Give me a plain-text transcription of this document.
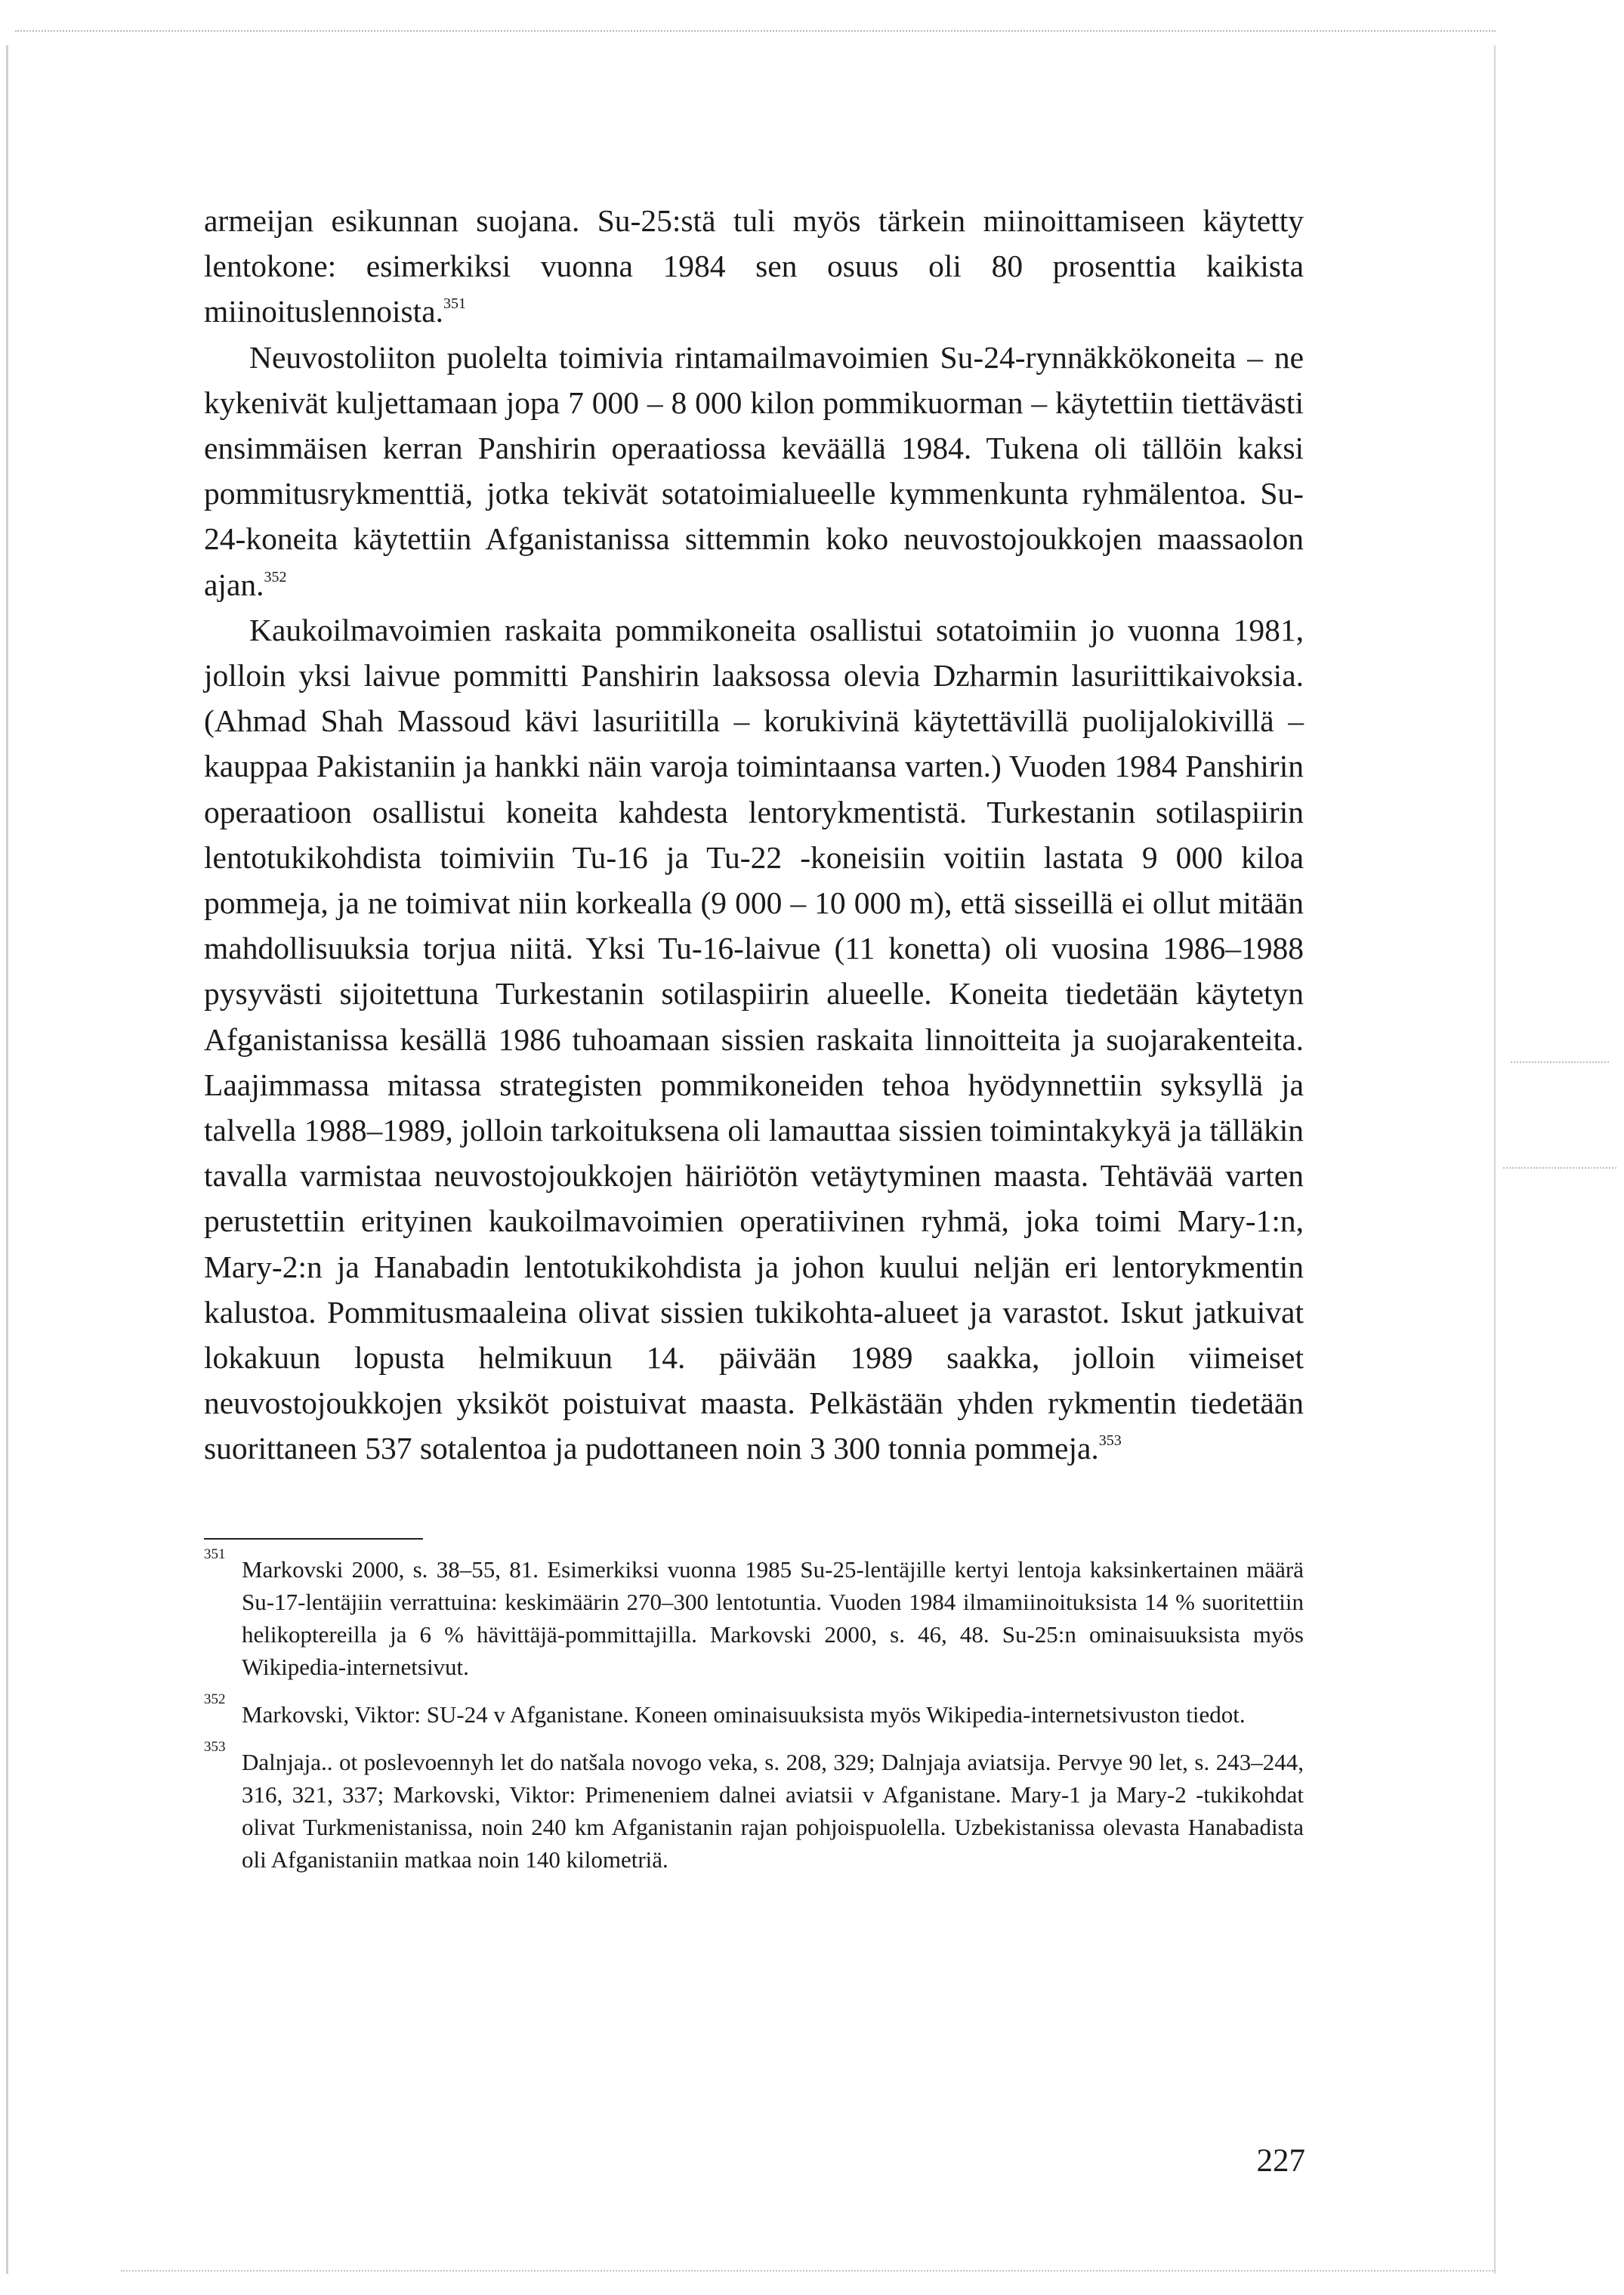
armeijan esikunnan suojana. Su-25:stä tuli myös tärkein miinoittamiseen käytetty lentokone: esimerkiksi vuonna 1984 sen osuus oli 80 prosenttia kaikista miinoituslennoista.$^{351}$

Neuvostoliiton puolelta toimivia rintamailmavoimien Su-24-rynnäkkökoneita – ne kykenivät kuljettamaan jopa 7 000 – 8 000 kilon pommikuorman – käytettiin tiettävästi ensimmäisen kerran Panshirin operaatiossa keväällä 1984. Tukena oli tällöin kaksi pommitusrykmenttiä, jotka tekivät sotatoimialueelle kymmenkunta ryhmälentoa. Su-24-koneita käytettiin Afganistanissa sittemmin koko neuvostojoukkojen maassaolon ajan.$^{352}$

Kaukoilmavoimien raskaita pommikoneita osallistui sotatoimiin jo vuonna 1981, jolloin yksi laivue pommitti Panshirin laaksossa olevia Dzharmin lasuriittikaivoksia. (Ahmad Shah Massoud kävi lasuriitilla – korukivinä käytettävillä puolijalokivillä – kauppaa Pakistaniin ja hankki näin varoja toimintaansa varten.) Vuoden 1984 Panshirin operaatioon osallistui koneita kahdesta lentorykmentistä. Turkestanin sotilaspiirin lentotukikohdista toimiviin Tu-16 ja Tu-22 -koneisiin voitiin lastata 9 000 kiloa pommeja, ja ne toimivat niin korkealla (9 000 – 10 000 m), että sisseillä ei ollut mitään mahdollisuuksia torjua niitä. Yksi Tu-16-laivue (11 konetta) oli vuosina 1986–1988 pysyvästi sijoitettuna Turkestanin sotilaspiirin alueelle. Koneita tiedetään käytetyn Afganistanissa kesällä 1986 tuhoamaan sissien raskaita linnoitteita ja suojarakenteita. Laajimmassa mitassa strategisten pommikoneiden tehoa hyödynnettiin syksyllä ja talvella 1988–1989, jolloin tarkoituksena oli lamauttaa sissien toimintakykyä ja tälläkin tavalla varmistaa neuvostojoukkojen häiriötön vetäytyminen maasta. Tehtävää varten perustettiin erityinen kaukoilmavoimien operatiivinen ryhmä, joka toimi Mary-1:n, Mary-2:n ja Hanabadin lentotukikohdista ja johon kuului neljän eri lentorykmentin kalustoa. Pommitusmaaleina olivat sissien tukikohta-alueet ja varastot. Iskut jatkuivat lokakuun lopusta helmikuun 14. päivään 1989 saakka, jolloin viimeiset neuvostojoukkojen yksiköt poistuivat maasta. Pelkästään yhden rykmentin tiedetään suorittaneen 537 sotalentoa ja pudottaneen noin 3 300 tonnia pommeja.$^{353}$

351
Markovski 2000, s. 38–55, 81. Esimerkiksi vuonna 1985 Su-25-lentäjille kertyi lentoja kaksinkertainen määrä Su-17-lentäjiin verrattuina: keskimäärin 270–300 lentotuntia. Vuoden 1984 ilmamiinoituksista 14 % suoritettiin helikoptereilla ja 6 % hävittäjä-pommittajilla. Markovski 2000, s. 46, 48. Su-25:n ominaisuuksista myös Wikipedia-internetsivut.

352
Markovski, Viktor: SU-24 v Afganistane. Koneen ominaisuuksista myös Wikipedia-internetsivuston tiedot.

353
Dalnjaja.. ot poslevoennyh let do natšala novogo veka, s. 208, 329; Dalnjaja aviatsija. Pervye 90 let, s. 243–244, 316, 321, 337; Markovski, Viktor: Primeneniem dalnei aviatsii v Afganistane. Mary-1 ja Mary-2 -tukikohdat olivat Turkmenistanissa, noin 240 km Afganistanin rajan pohjoispuolella. Uzbekistanissa olevasta Hanabadista oli Afganistaniin matkaa noin 140 kilometriä.

227
